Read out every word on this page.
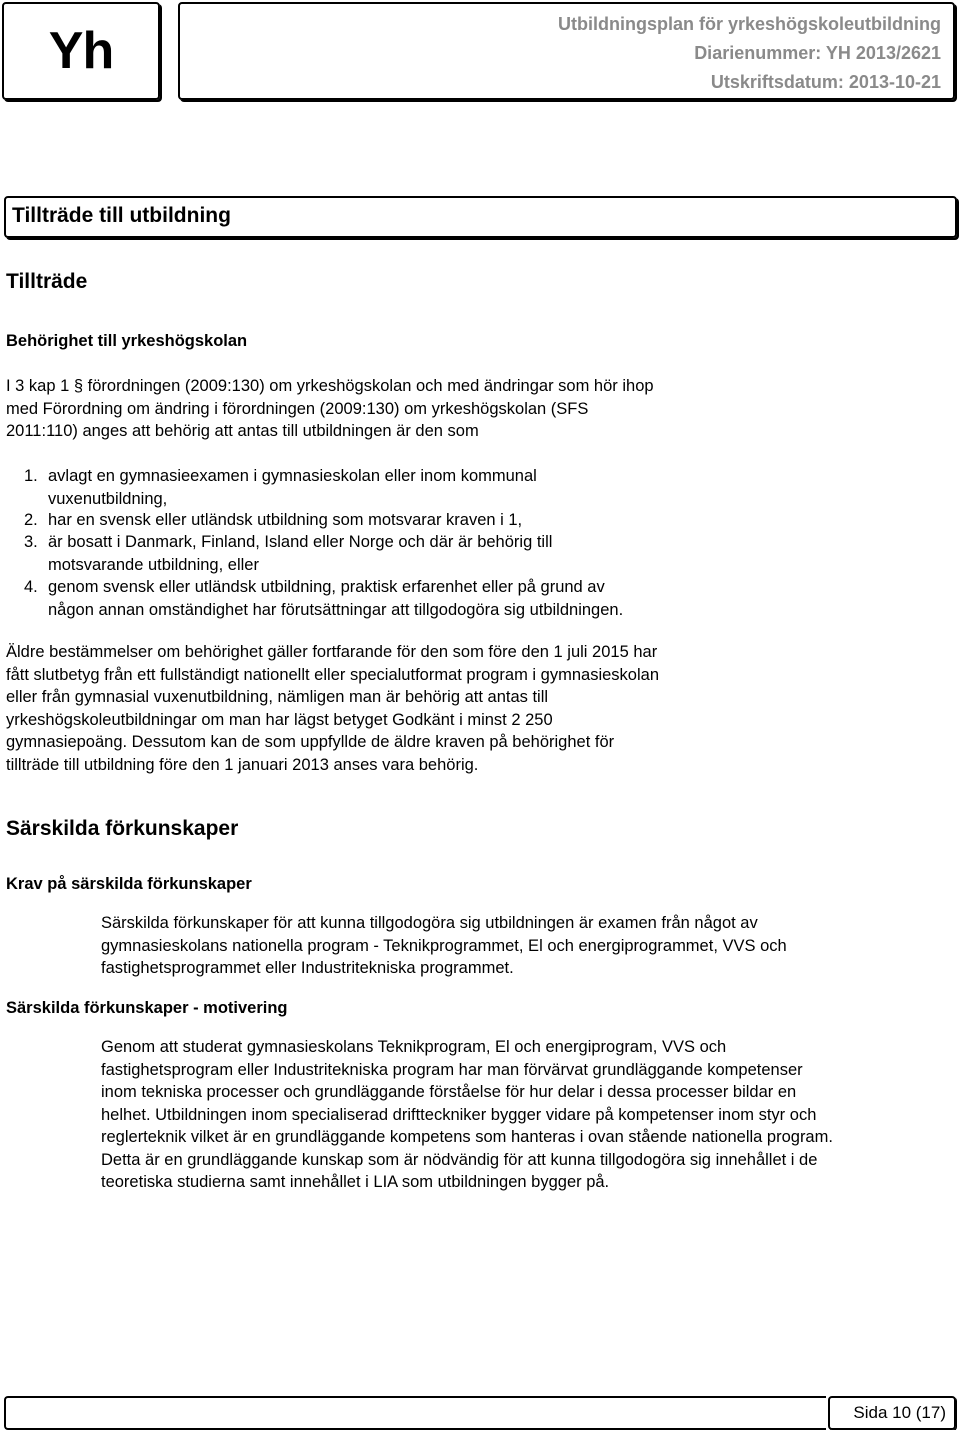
Yh	Utbildningsplan för yrkeshögskoleutbildning
Diarienummer: YH 2013/2621
Utskriftsdatum: 2013-10-21
Tillträde till utbildning
Tillträde
Behörighet till yrkeshögskolan
I 3 kap 1 § förordningen (2009:130) om yrkeshögskolan och med ändringar som hör ihop
med Förordning om ändring i förordningen (2009:130) om yrkeshögskolan (SFS
2011:110) anges att behörig att antas till utbildningen är den som
1. avlagt en gymnasieexamen i gymnasieskolan eller inom kommunal
vuxenutbildning,
2. har en svensk eller utländsk utbildning som motsvarar kraven i 1,
3. är bosatt i Danmark, Finland, Island eller Norge och där är behörig till
motsvarande utbildning, eller
4. genom svensk eller utländsk utbildning, praktisk erfarenhet eller på grund av
någon annan omständighet har förutsättningar att tillgodogöra sig utbildningen.
Äldre bestämmelser om behörighet gäller fortfarande för den som före den 1 juli 2015 har
fått slutbetyg från ett fullständigt nationellt eller specialutformat program i gymnasieskolan
eller från gymnasial vuxenutbildning, nämligen man är behörig att antas till
yrkeshögskoleutbildningar om man har lägst betyget Godkänt i minst 2 250
gymnasiepoäng. Dessutom kan de som uppfyllde de äldre kraven på behörighet för
tillträde till utbildning före den 1 januari 2013 anses vara behörig.
Särskilda förkunskaper
Krav på särskilda förkunskaper
Särskilda förkunskaper för att kunna tillgodogöra sig utbildningen är examen från något av
gymnasieskolans nationella program - Teknikprogrammet, El och energiprogrammet, VVS och
fastighetsprogrammet eller Industritekniska programmet.
Särskilda förkunskaper - motivering
Genom att studerat gymnasieskolans Teknikprogram, El och energiprogram, VVS och
fastighetsprogram eller Industritekniska program har man förvärvat grundläggande kompetenser
inom tekniska processer och grundläggande förståelse för hur delar i dessa processer bildar en
helhet. Utbildningen inom specialiserad driftteckniker bygger vidare på kompetenser inom styr och
reglerteknik vilket är en grundläggande kompetens som hanteras i ovan stående nationella program.
Detta är en grundläggande kunskap som är nödvändig för att kunna tillgodogöra sig innehållet i de
teoretiska studierna samt innehållet i LIA som utbildningen bygger på.
Sida 10 (17)
